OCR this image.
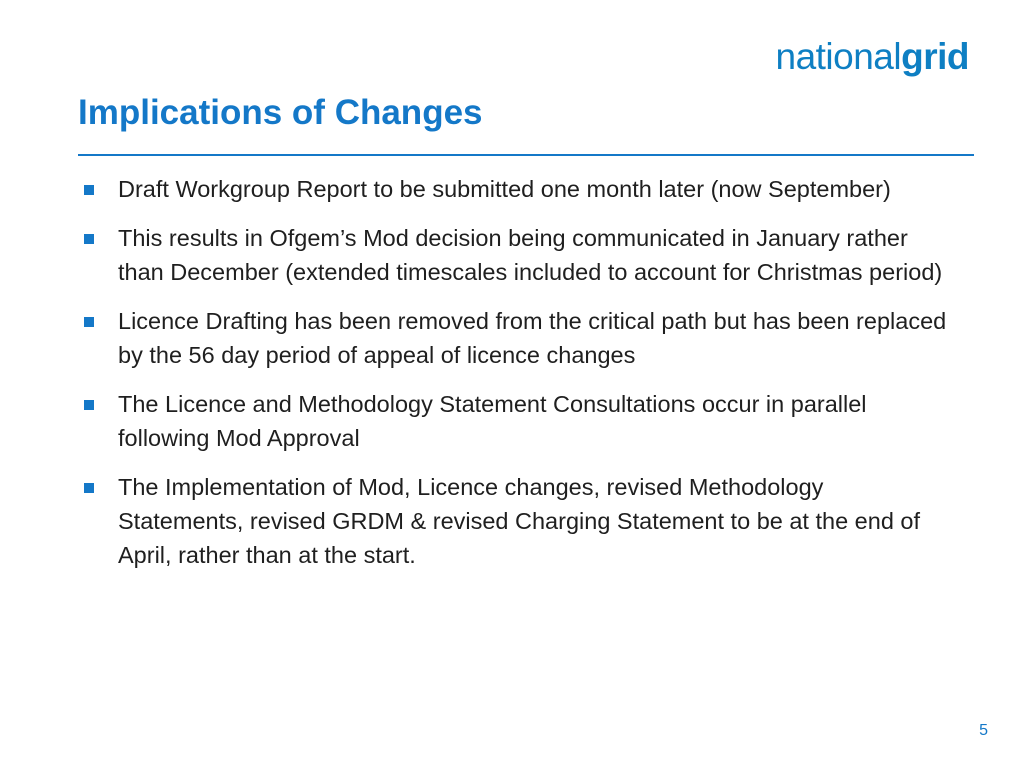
nationalgrid
Implications of Changes
Draft Workgroup Report to be submitted one month later (now September)
This results in Ofgem’s Mod decision being communicated in January rather than December (extended timescales included to account for Christmas period)
Licence Drafting has been removed from the critical path but has been replaced by the 56 day period of appeal of licence changes
The Licence and Methodology Statement Consultations occur in parallel following Mod Approval
The Implementation of Mod, Licence changes, revised Methodology Statements, revised GRDM & revised Charging Statement to be at the end of April, rather than at the start.
5
